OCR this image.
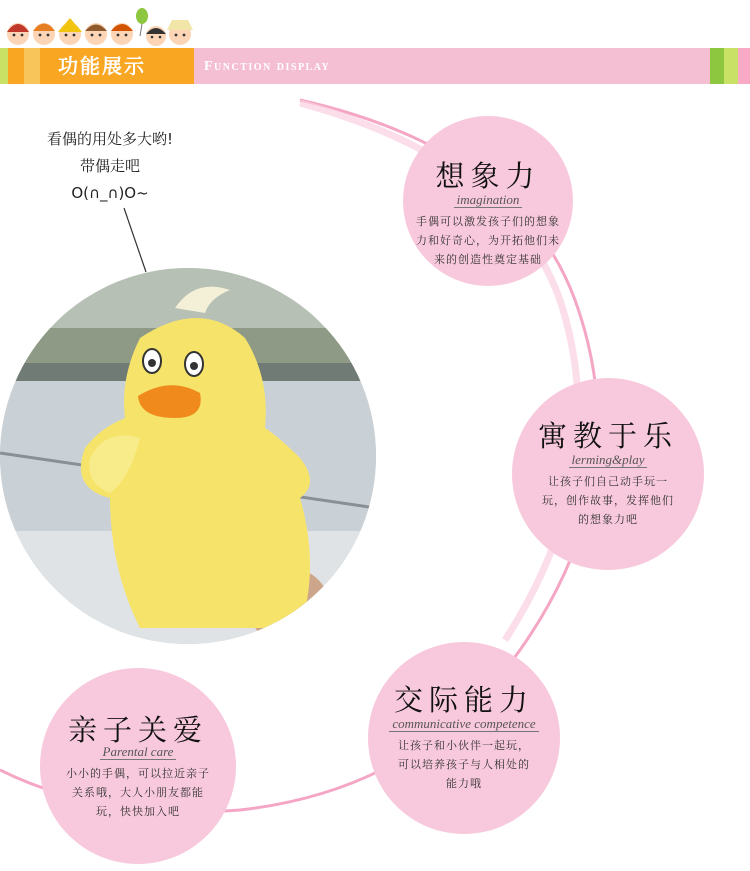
功能展示	Function display
看偶的用处多大哟!
带偶走吧
O(∩_∩)O~	想象力
imagination
手偶可以激发孩子们的想象
力和好奇心，为开拓他们未
来的创造性奠定基础
寓教于乐
lerming&play
让孩子们自己动手玩一
玩，创作故事，发挥他们
的想象力吧
交际能力
communicative competence
让孩子和小伙伴一起玩，
可以培养孩子与人相处的
能力哦
亲子关爱
Parental care
小小的手偶，可以拉近亲子
关系哦，大人小朋友都能
玩，快快加入吧
